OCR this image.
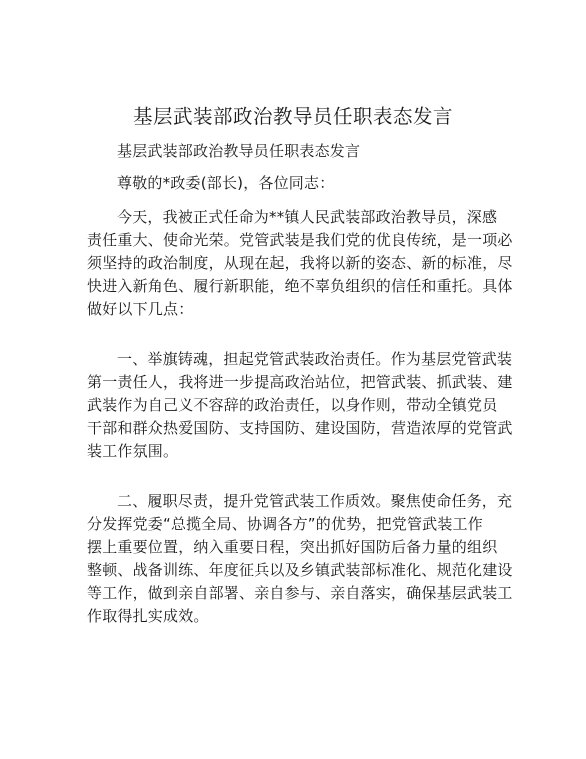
基层武装部政治教导员任职表态发言
基层武装部政治教导员任职表态发言
尊敬的*政委(部长)，各位同志：
今天，我被正式任命为**镇人民武装部政治教导员，深感
责任重大、使命光荣。党管武装是我们党的优良传统，是一项必
须坚持的政治制度，从现在起，我将以新的姿态、新的标准，尽
快进入新角色、履行新职能，绝不辜负组织的信任和重托。具体
做好以下几点：
一、举旗铸魂，担起党管武装政治责任。作为基层党管武装
第一责任人，我将进一步提高政治站位，把管武装、抓武装、建
武装作为自己义不容辞的政治责任，以身作则，带动全镇党员
干部和群众热爱国防、支持国防、建设国防，营造浓厚的党管武
装工作氛围。
二、履职尽责，提升党管武装工作质效。聚焦使命任务，充
分发挥党委“总揽全局、协调各方”的优势，把党管武装工作
摆上重要位置，纳入重要日程，突出抓好国防后备力量的组织
整顿、战备训练、年度征兵以及乡镇武装部标准化、规范化建设
等工作，做到亲自部署、亲自参与、亲自落实，确保基层武装工
作取得扎实成效。
